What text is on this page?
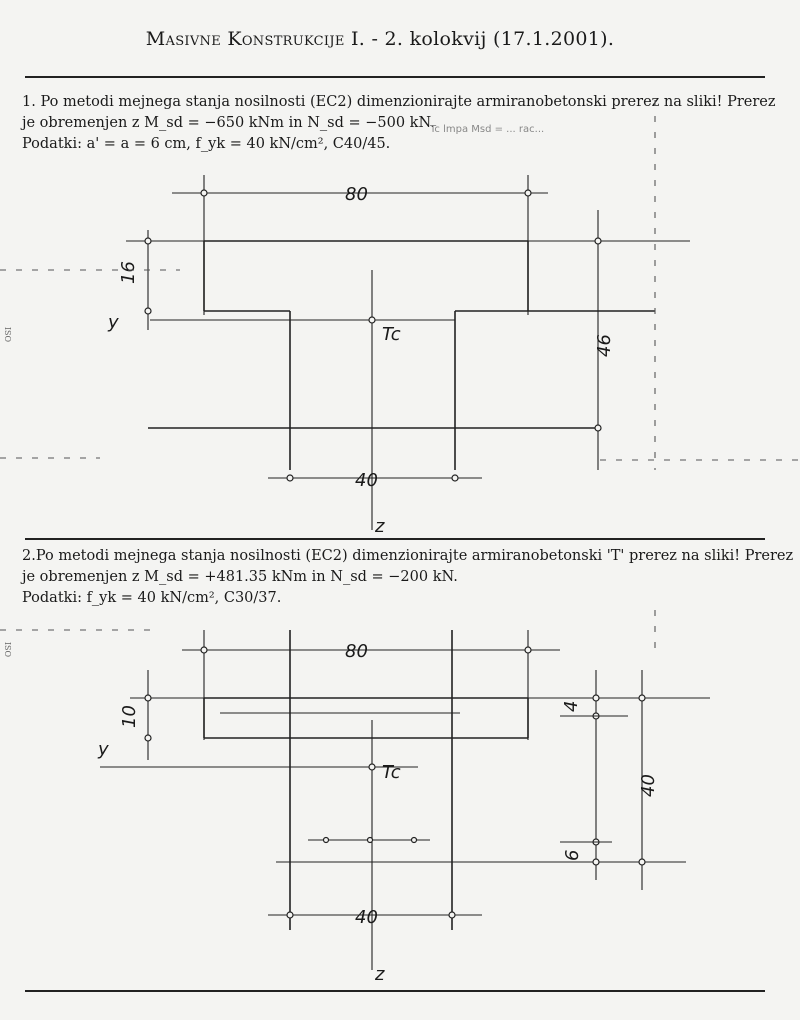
Masivne Konstrukcije I. - 2. kolokvij (17.1.2001).

1. Po metodi mejnega stanja nosilnosti (EC2) dimenzionirajte armiranobetonski prerez na sliki! Prerez

je obremenjen z M_sd = −650 kNm in N_sd = −500 kN.

Podatki: a' = a = 6 cm, f_yk = 40 kN/cm², C40/45.

Tc lmpa Msd = ... rac...
80
16
y
Tc	46
40
z

2.Po metodi mejnega stanja nosilnosti (EC2) dimenzionirajte armiranobetonski 'T' prerez na sliki! Prerez

je obremenjen z M_sd = +481.35 kNm in N_sd = −200 kN.

Podatki: f_yk = 40 kN/cm², C30/37.

80
10
y
Tc
4
40
6
40
z
ISO
ISO
